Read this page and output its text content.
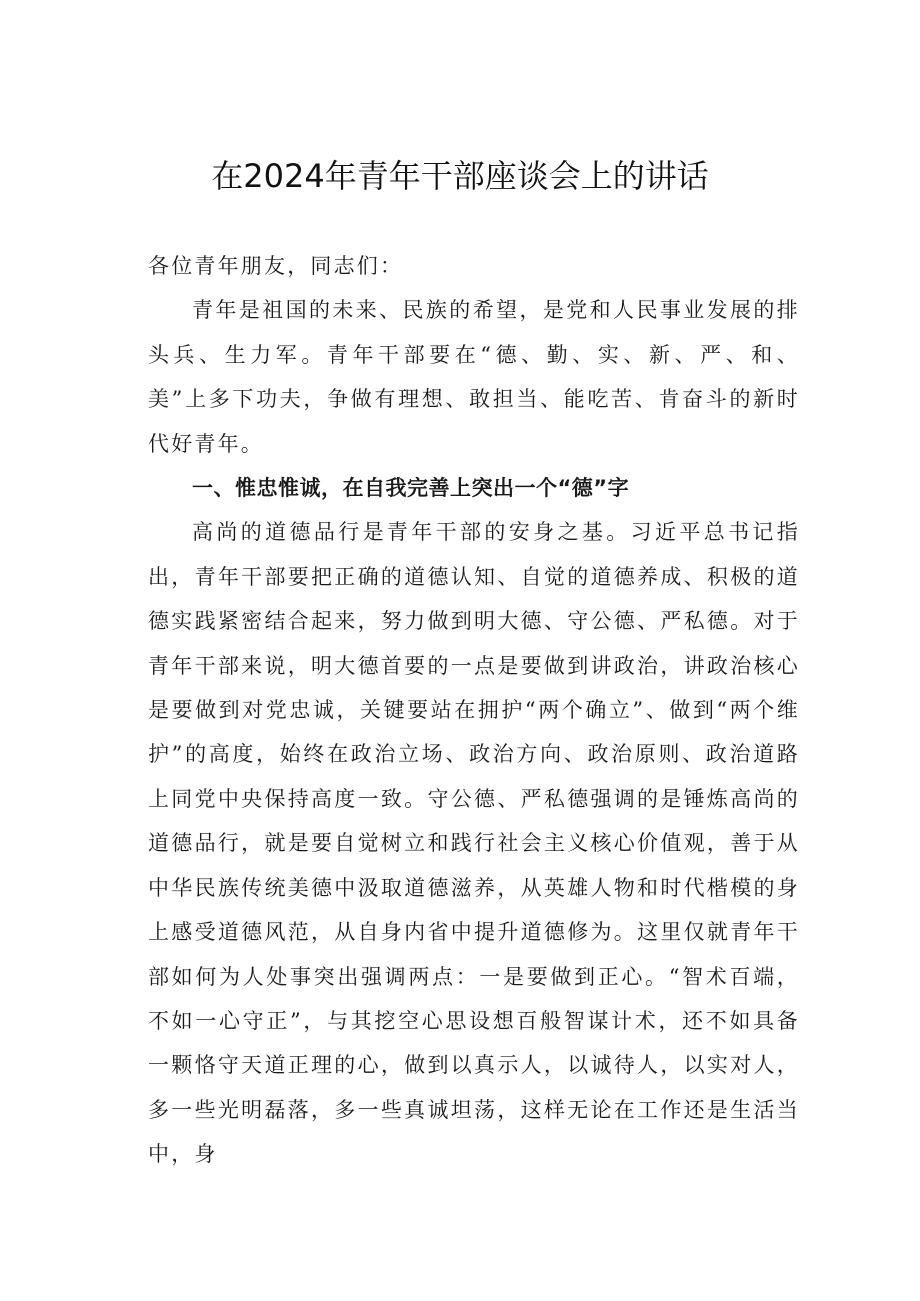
在2024年青年干部座谈会上的讲话

各位青年朋友，同志们：

青年是祖国的未来、民族的希望，是党和人民事业发展的排头兵、生力军。青年干部要在“德、勤、实、新、严、和、美”上多下功夫，争做有理想、敢担当、能吃苦、肯奋斗的新时代好青年。

一、惟忠惟诚，在自我完善上突出一个“德”字

高尚的道德品行是青年干部的安身之基。习近平总书记指出，青年干部要把正确的道德认知、自觉的道德养成、积极的道德实践紧密结合起来，努力做到明大德、守公德、严私德。对于青年干部来说，明大德首要的一点是要做到讲政治，讲政治核心是要做到对党忠诚，关键要站在拥护“两个确立”、做到“两个维护”的高度，始终在政治立场、政治方向、政治原则、政治道路上同党中央保持高度一致。守公德、严私德强调的是锤炼高尚的道德品行，就是要自觉树立和践行社会主义核心价值观，善于从中华民族传统美德中汲取道德滋养，从英雄人物和时代楷模的身上感受道德风范，从自身内省中提升道德修为。这里仅就青年干部如何为人处事突出强调两点：一是要做到正心。“智术百端，不如一心守正”，与其挖空心思设想百般智谋计术，还不如具备一颗恪守天道正理的心，做到以真示人，以诚待人，以实对人，多一些光明磊落，多一些真诚坦荡，这样无论在工作还是生活当中，身
